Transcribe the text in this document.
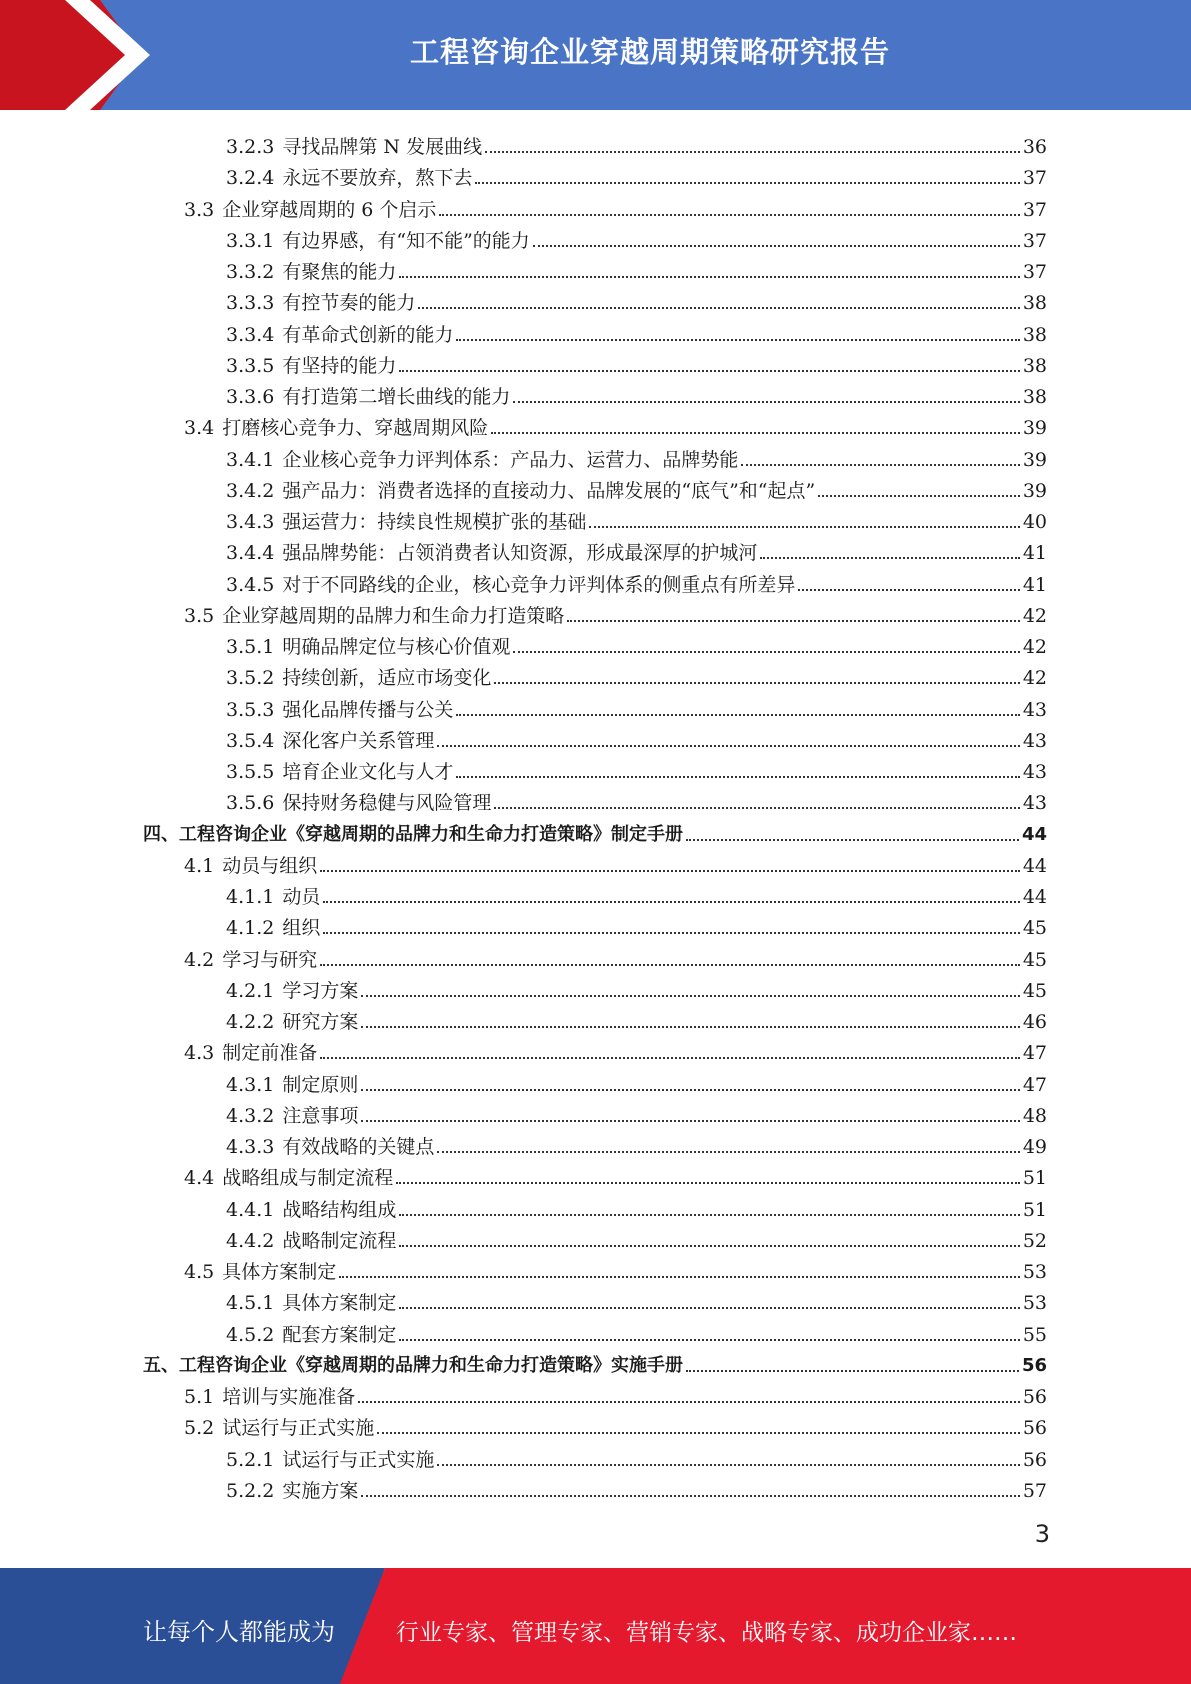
工程咨询企业穿越周期策略研究报告
3.2.3 寻找品牌第 N 发展曲线	36
3.2.4 永远不要放弃，熬下去	37
3.3 企业穿越周期的 6 个启示	37
3.3.1 有边界感，有“知不能”的能力	37
3.3.2 有聚焦的能力	37
3.3.3 有控节奏的能力	38
3.3.4 有革命式创新的能力	38
3.3.5 有坚持的能力	38
3.3.6 有打造第二增长曲线的能力	38
3.4 打磨核心竞争力、穿越周期风险	39
3.4.1 企业核心竞争力评判体系：产品力、运营力、品牌势能	39
3.4.2 强产品力：消费者选择的直接动力、品牌发展的“底气”和“起点”	39
3.4.3 强运营力：持续良性规模扩张的基础	40
3.4.4 强品牌势能：占领消费者认知资源，形成最深厚的护城河	41
3.4.5 对于不同路线的企业，核心竞争力评判体系的侧重点有所差异	41
3.5 企业穿越周期的品牌力和生命力打造策略	42
3.5.1 明确品牌定位与核心价值观	42
3.5.2 持续创新，适应市场变化	42
3.5.3 强化品牌传播与公关	43
3.5.4 深化客户关系管理	43
3.5.5 培育企业文化与人才	43
3.5.6 保持财务稳健与风险管理	43
四、工程咨询企业《穿越周期的品牌力和生命力打造策略》制定手册	44
4.1 动员与组织	44
4.1.1 动员	44
4.1.2 组织	45
4.2 学习与研究	45
4.2.1 学习方案	45
4.2.2 研究方案	46
4.3 制定前准备	47
4.3.1 制定原则	47
4.3.2 注意事项	48
4.3.3 有效战略的关键点	49
4.4 战略组成与制定流程	51
4.4.1 战略结构组成	51
4.4.2 战略制定流程	52
4.5 具体方案制定	53
4.5.1 具体方案制定	53
4.5.2 配套方案制定	55
五、工程咨询企业《穿越周期的品牌力和生命力打造策略》实施手册	56
5.1 培训与实施准备	56
5.2 试运行与正式实施	56
5.2.1 试运行与正式实施	56
5.2.2 实施方案	57
3
让每个人都能成为	行业专家、管理专家、营销专家、战略专家、成功企业家……
